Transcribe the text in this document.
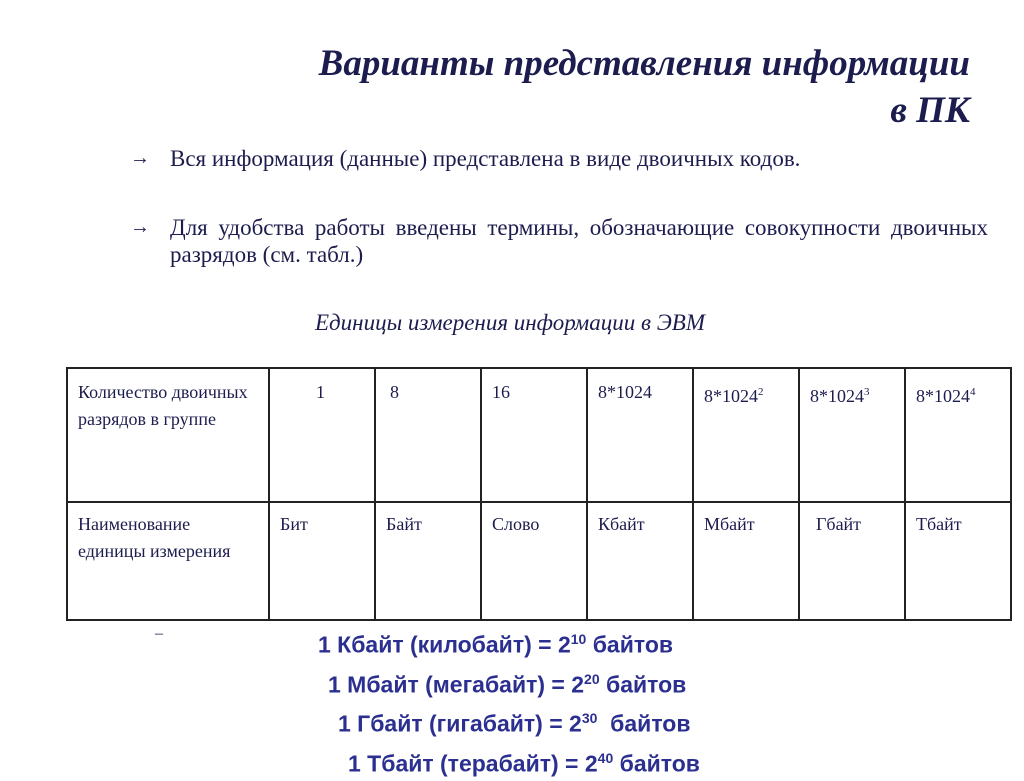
Варианты представления информации
в ПК
→ Вся информация (данные) представлена в виде двоичных кодов.
→ Для удобства работы введены термины, обозначающие совокупности двоичных разрядов (см. табл.)
Единицы измерения информации в ЭВМ
Количество двоичных разрядов в группе	1	8	16	8*1024	8*1024$^2$	8*1024$^3$	8*1024$^4$
Наименование единицы измерения	Бит	Байт	Слово	Кбайт	Мбайт	Гбайт	Тбайт
–	1 Кбайт (килобайт) = $2^{10}$ байтов
1 Мбайт (мегабайт) = $2^{20}$ байтов
1 Гбайт (гигабайт) = $2^{30}$  байтов
1 Тбайт (терабайт) = $2^{40}$ байтов
